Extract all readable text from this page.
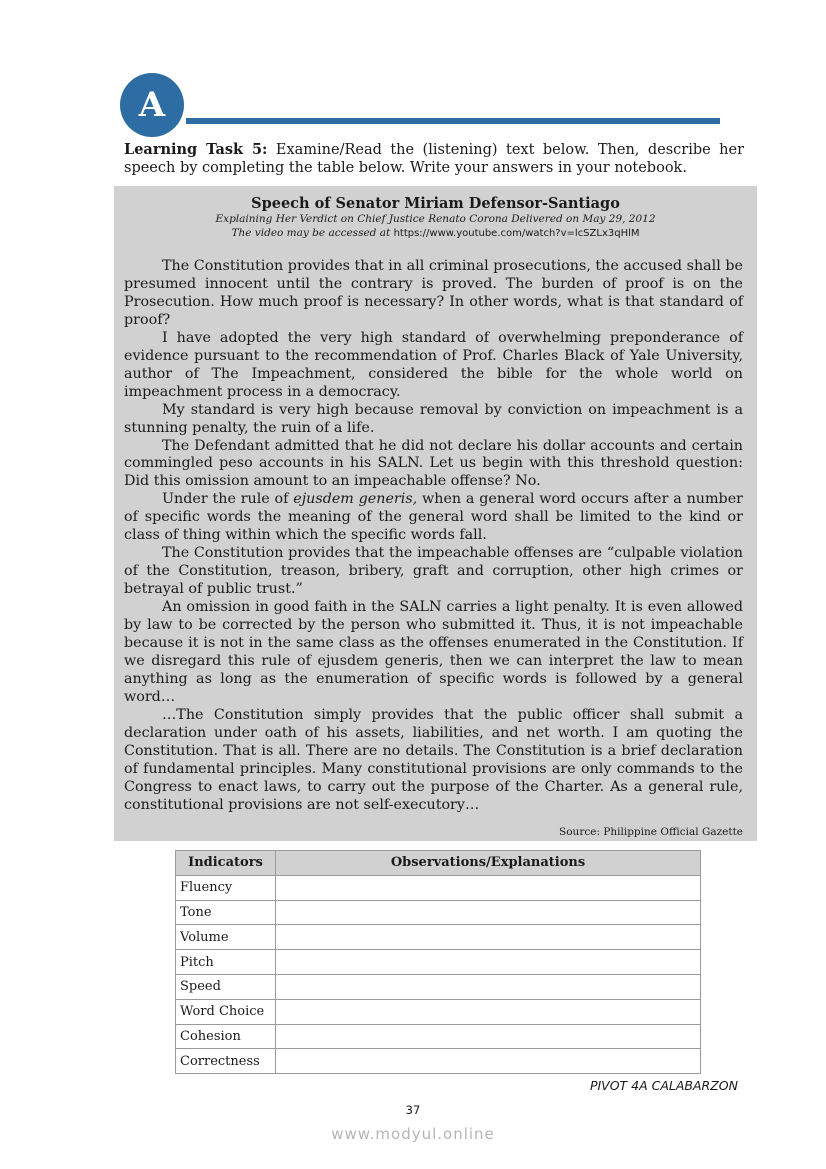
A
Learning Task 5: Examine/Read the (listening) text below. Then, describe her speech by completing the table below. Write your answers in your notebook.
Speech of Senator Miriam Defensor-Santiago
Explaining Her Verdict on Chief Justice Renato Corona Delivered on May 29, 2012
The video may be accessed at https://www.youtube.com/watch?v=lcSZLx3qHlM

The Constitution provides that in all criminal prosecutions, the accused shall be presumed innocent until the contrary is proved. The burden of proof is on the Prosecution. How much proof is necessary? In other words, what is that standard of proof?

I have adopted the very high standard of overwhelming preponderance of evidence pursuant to the recommendation of Prof. Charles Black of Yale University, author of The Impeachment, considered the bible for the whole world on impeachment process in a democracy.

My standard is very high because removal by conviction on impeachment is a stunning penalty, the ruin of a life.

The Defendant admitted that he did not declare his dollar accounts and certain commingled peso accounts in his SALN. Let us begin with this threshold question: Did this omission amount to an impeachable offense? No.

Under the rule of ejusdem generis, when a general word occurs after a number of specific words the meaning of the general word shall be limited to the kind or class of thing within which the specific words fall.

The Constitution provides that the impeachable offenses are “culpable violation of the Constitution, treason, bribery, graft and corruption, other high crimes or betrayal of public trust.”

An omission in good faith in the SALN carries a light penalty. It is even allowed by law to be corrected by the person who submitted it. Thus, it is not impeachable because it is not in the same class as the offenses enumerated in the Constitution. If we disregard this rule of ejusdem generis, then we can interpret the law to mean anything as long as the enumeration of specific words is followed by a general word…

…The Constitution simply provides that the public officer shall submit a declaration under oath of his assets, liabilities, and net worth. I am quoting the Constitution. That is all. There are no details. The Constitution is a brief declaration of fundamental principles. Many constitutional provisions are only commands to the Congress to enact laws, to carry out the purpose of the Charter. As a general rule, constitutional provisions are not self-executory…

Source: Philippine Official Gazette
Indicators	Observations/Explanations
Fluency	
Tone	
Volume	
Pitch	
Speed	
Word Choice	
Cohesion	
Correctness	
PIVOT 4A CALABARZON
37
www.modyul.online
